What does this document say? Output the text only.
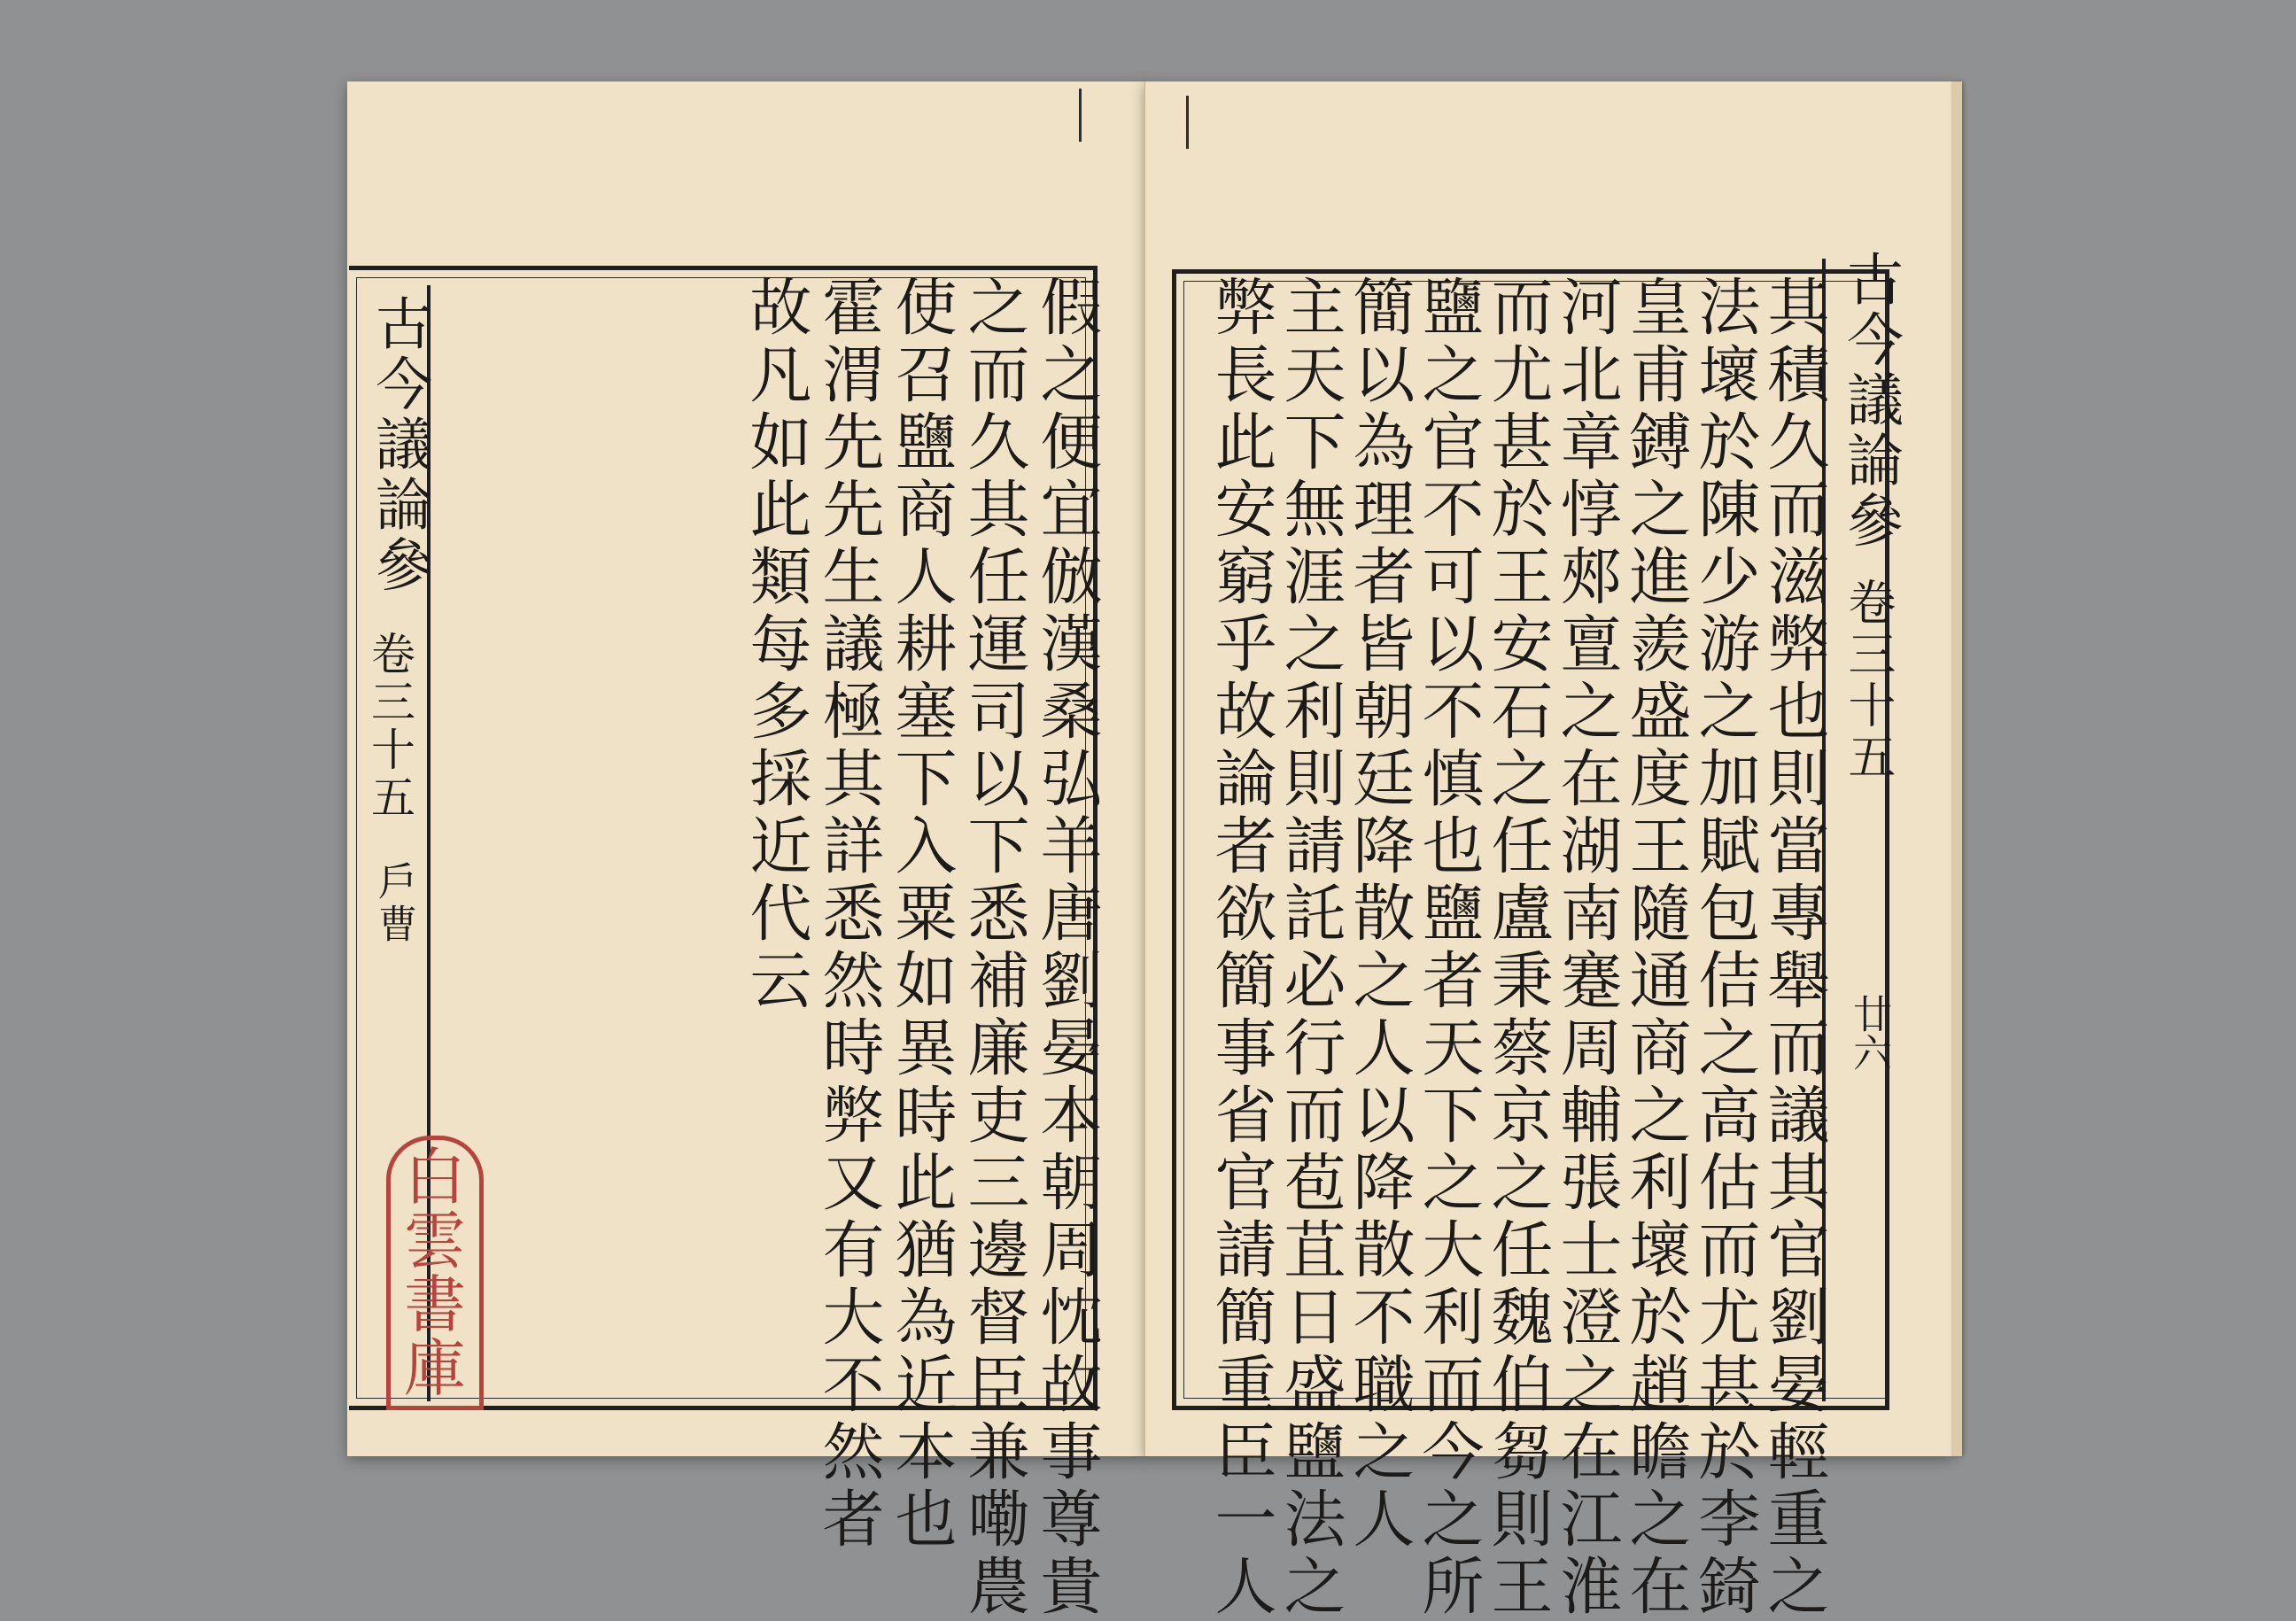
古今議論參
卷三十五
戶曹	假之便宜倣漢桑弘羊唐劉晏本朝周忱故事尊貴
之而久其任運司以下悉補廉吏三邊督臣兼嘞農
使召鹽商人耕塞下入粟如異時此猶為近本也
霍渭先先生議極其詳悉然時弊又有大不然者
故凡如此類每多採近代云
白
雲
書
庫
古今議論參
卷三十五
廿六
其積久而滋弊也則當專舉而議其官劉晏輕重之
法壞於陳少游之加賦包佶之高估而尤甚於李錡
皇甫鎛之進羨盛度王隨通商之利壞於趙瞻之在
河北章惇郟亶之在湖南蹇周輔張士澄之在江淮
而尤甚於王安石之任盧秉蔡京之任魏伯芻則王
鹽之官不可以不慎也鹽者天下之大利而今之所
簡以為理者皆朝廷降散之人以降散不職之人
主天下無涯之利則請託必行而苞苴日盛鹽法之
弊長此安窮乎故論者欲簡事省官請簡重臣一人
